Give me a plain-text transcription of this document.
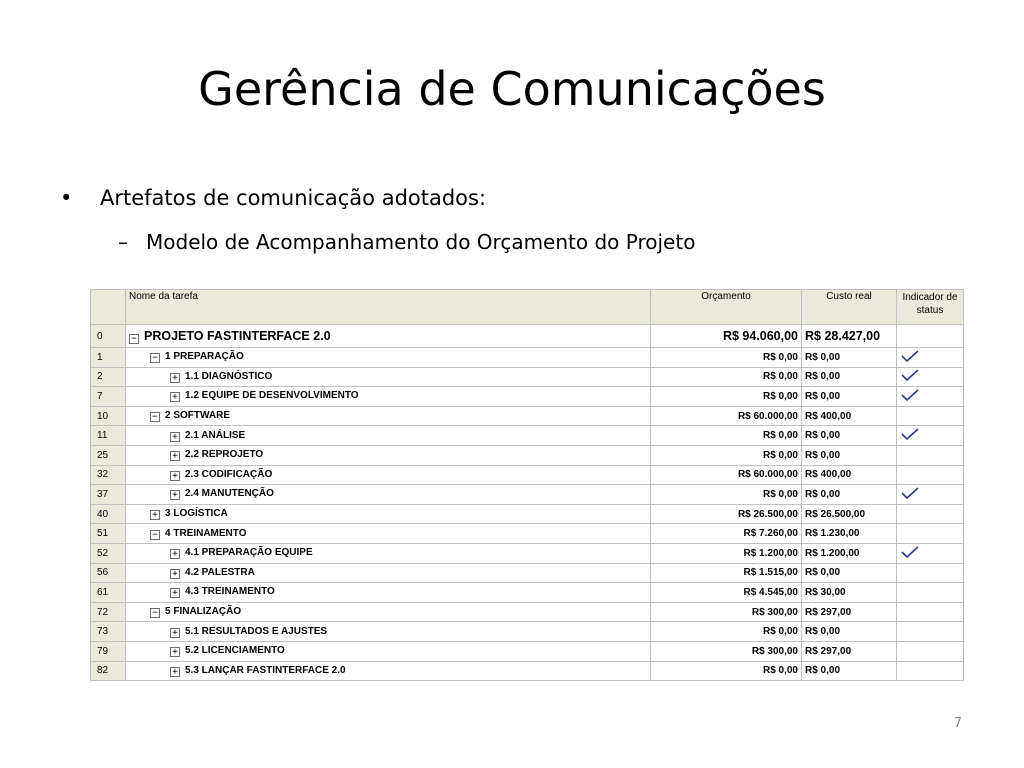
Gerência de Comunicações
• Artefatos de comunicação adotados:
– Modelo de Acompanhamento do Orçamento do Projeto
	Nome da tarefa	Orçamento	Custo real	Indicador de status
0	− PROJETO FASTINTERFACE 2.0	R$ 94.060,00	R$ 28.427,00	
1	− 1 PREPARAÇÃO	R$ 0,00	R$ 0,00	
2	+ 1.1 DIAGNÓSTICO	R$ 0,00	R$ 0,00	
7	+ 1.2 EQUIPE DE DESENVOLVIMENTO	R$ 0,00	R$ 0,00	
10	− 2 SOFTWARE	R$ 60.000,00	R$ 400,00	
11	+ 2.1 ANÁLISE	R$ 0,00	R$ 0,00	
25	+ 2.2 REPROJETO	R$ 0,00	R$ 0,00	
32	+ 2.3 CODIFICAÇÃO	R$ 60.000,00	R$ 400,00	
37	+ 2.4 MANUTENÇÃO	R$ 0,00	R$ 0,00	
40	+ 3 LOGÍSTICA	R$ 26.500,00	R$ 26.500,00	
51	− 4 TREINAMENTO	R$ 7.260,00	R$ 1.230,00	
52	+ 4.1 PREPARAÇÃO EQUIPE	R$ 1.200,00	R$ 1.200,00	
56	+ 4.2 PALESTRA	R$ 1.515,00	R$ 0,00	
61	+ 4.3 TREINAMENTO	R$ 4.545,00	R$ 30,00	
72	− 5 FINALIZAÇÃO	R$ 300,00	R$ 297,00	
73	+ 5.1 RESULTADOS E AJUSTES	R$ 0,00	R$ 0,00	
79	+ 5.2 LICENCIAMENTO	R$ 300,00	R$ 297,00	
82	+ 5.3 LANÇAR FASTINTERFACE 2.0	R$ 0,00	R$ 0,00	
7
